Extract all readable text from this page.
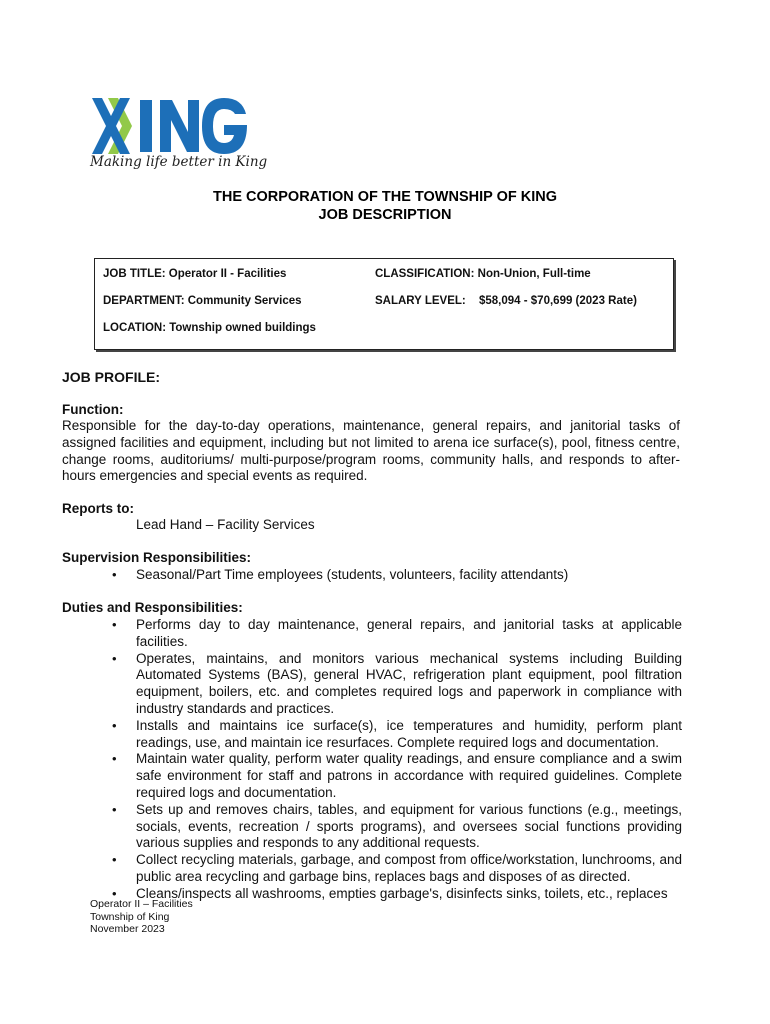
Making life better in King
THE CORPORATION OF THE TOWNSHIP OF KING
JOB DESCRIPTION
JOB TITLE: Operator II - Facilities	CLASSIFICATION: Non-Union, Full-time
DEPARTMENT: Community Services	SALARY LEVEL: $58,094 - $70,699 (2023 Rate)
LOCATION: Township owned buildings
JOB PROFILE:
Function:
Responsible for the day-to-day operations, maintenance, general repairs, and janitorial tasks of assigned facilities and equipment, including but not limited to arena ice surface(s), pool, fitness centre, change rooms, auditoriums/ multi-purpose/program rooms, community halls, and responds to after-hours emergencies and special events as required.
Reports to:
Lead Hand – Facility Services
Supervision Responsibilities:
• Seasonal/Part Time employees (students, volunteers, facility attendants)
Duties and Responsibilities:
• Performs day to day maintenance, general repairs, and janitorial tasks at applicable facilities.
• Operates, maintains, and monitors various mechanical systems including Building Automated Systems (BAS), general HVAC, refrigeration plant equipment, pool filtration equipment, boilers, etc. and completes required logs and paperwork in compliance with industry standards and practices.
• Installs and maintains ice surface(s), ice temperatures and humidity, perform plant readings, use, and maintain ice resurfaces. Complete required logs and documentation.
• Maintain water quality, perform water quality readings, and ensure compliance and a swim safe environment for staff and patrons in accordance with required guidelines. Complete required logs and documentation.
• Sets up and removes chairs, tables, and equipment for various functions (e.g., meetings, socials, events, recreation / sports programs), and oversees social functions providing various supplies and responds to any additional requests.
• Collect recycling materials, garbage, and compost from office/workstation, lunchrooms, and public area recycling and garbage bins, replaces bags and disposes of as directed.
• Cleans/inspects all washrooms, empties garbage's, disinfects sinks, toilets, etc., replaces
Operator II – Facilities
Township of King
November 2023
